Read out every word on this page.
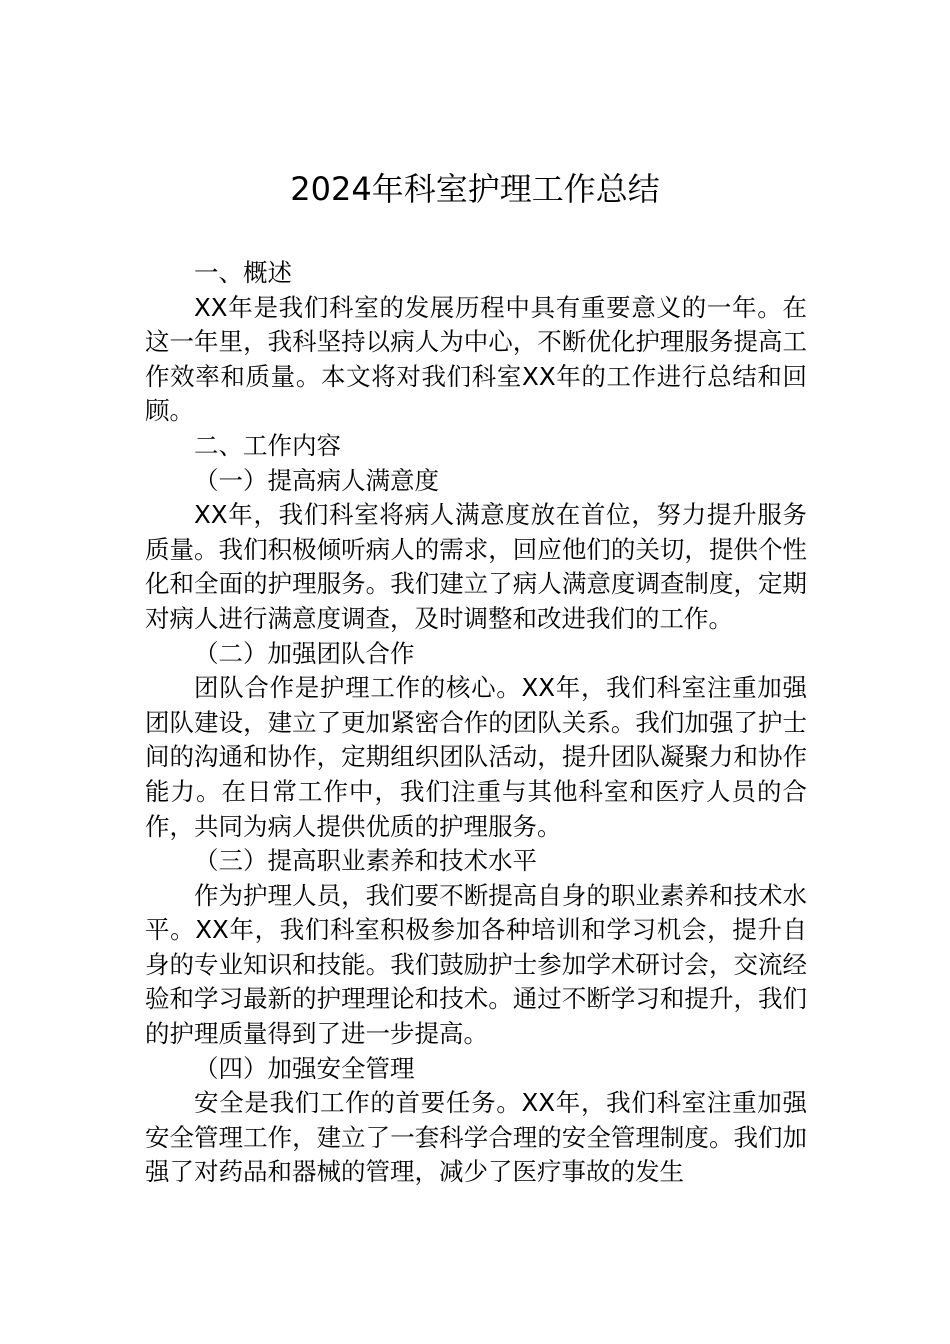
2024年科室护理工作总结

一、概述

XX年是我们科室的发展历程中具有重要意义的一年。在这一年里，我科坚持以病人为中心，不断优化护理服务提高工作效率和质量。本文将对我们科室XX年的工作进行总结和回顾。

二、工作内容

（一）提高病人满意度

XX年，我们科室将病人满意度放在首位，努力提升服务质量。我们积极倾听病人的需求，回应他们的关切，提供个性化和全面的护理服务。我们建立了病人满意度调查制度，定期对病人进行满意度调查，及时调整和改进我们的工作。

（二）加强团队合作

团队合作是护理工作的核心。XX年，我们科室注重加强团队建设，建立了更加紧密合作的团队关系。我们加强了护士间的沟通和协作，定期组织团队活动，提升团队凝聚力和协作能力。在日常工作中，我们注重与其他科室和医疗人员的合作，共同为病人提供优质的护理服务。

（三）提高职业素养和技术水平

作为护理人员，我们要不断提高自身的职业素养和技术水平。XX年，我们科室积极参加各种培训和学习机会，提升自身的专业知识和技能。我们鼓励护士参加学术研讨会，交流经验和学习最新的护理理论和技术。通过不断学习和提升，我们的护理质量得到了进一步提高。

（四）加强安全管理

安全是我们工作的首要任务。XX年，我们科室注重加强安全管理工作，建立了一套科学合理的安全管理制度。我们加强了对药品和器械的管理，减少了医疗事故的发生
